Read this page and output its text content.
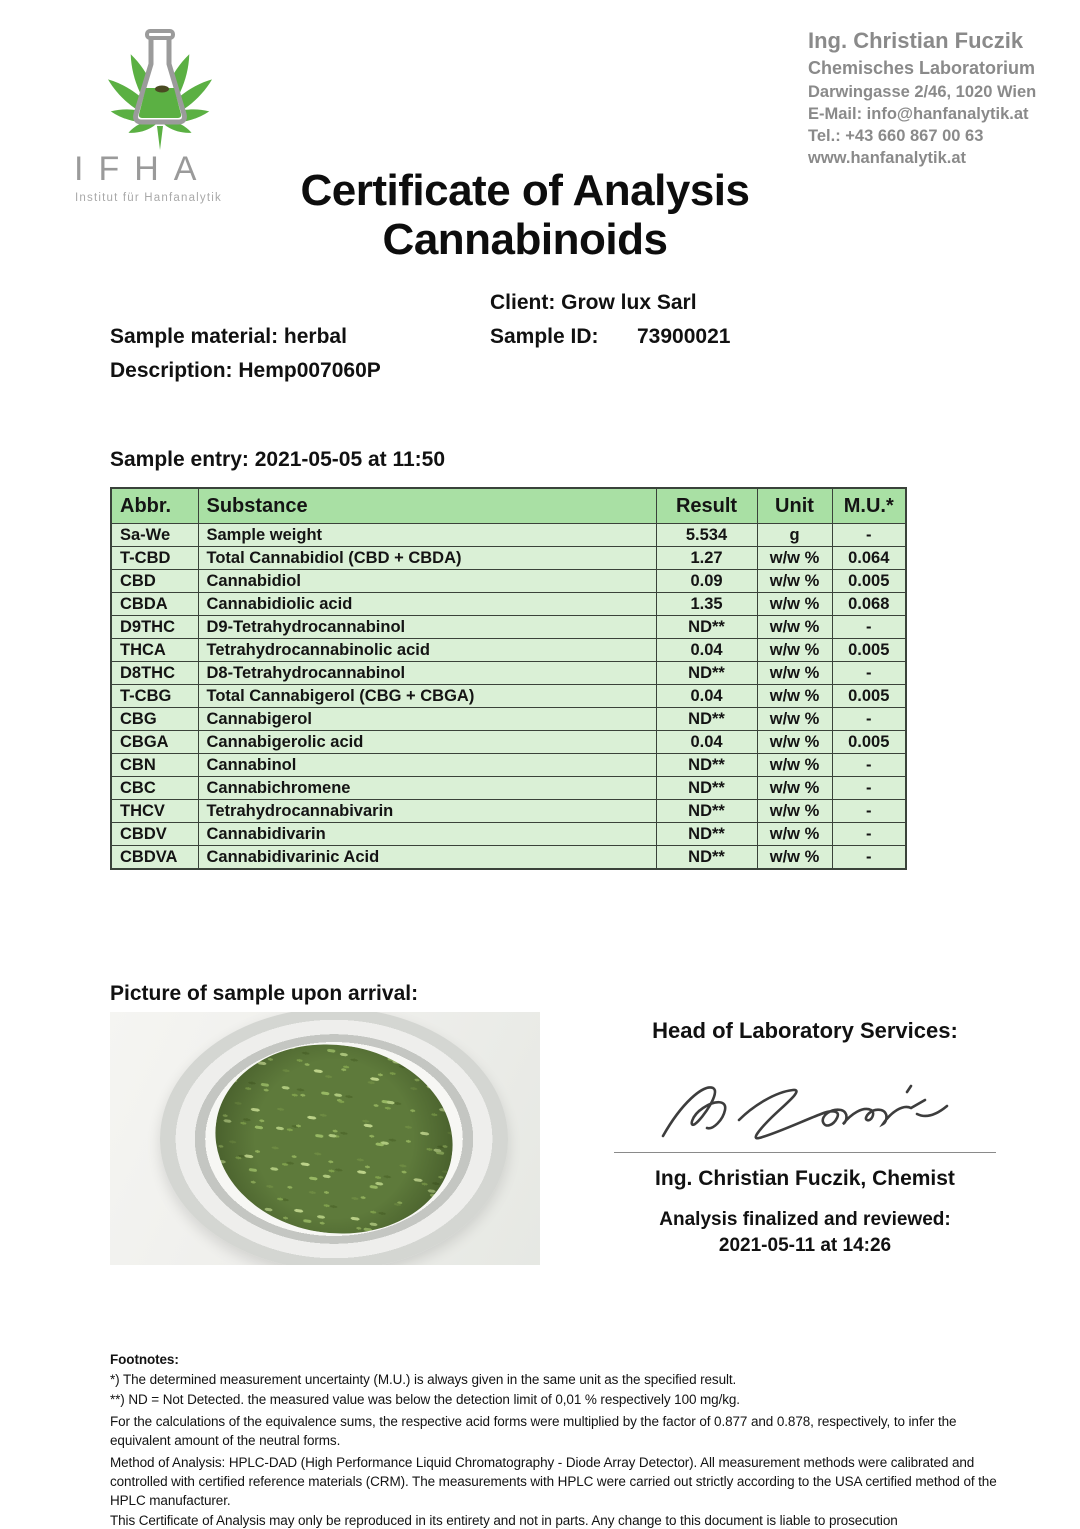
IFHA
Institut für Hanfanalytik
Ing. Christian Fuczik
Chemisches Laboratorium
Darwingasse 2/46, 1020 Wien
E-Mail: info@hanfanalytik.at
Tel.: +43 660 867 00 63
www.hanfanalytik.at
Certificate of Analysis
Cannabinoids
Client: Grow lux Sarl
Sample material: herbal	Sample ID: 73900021
Description: Hemp007060P
Sample entry: 2021-05-05 at 11:50
Abbr.	Substance	Result	Unit	M.U.*
Sa-We	Sample weight	5.534	g	-
T-CBD	Total Cannabidiol (CBD + CBDA)	1.27	w/w %	0.064
CBD	Cannabidiol	0.09	w/w %	0.005
CBDA	Cannabidiolic acid	1.35	w/w %	0.068
D9THC	D9-Tetrahydrocannabinol	ND**	w/w %	-
THCA	Tetrahydrocannabinolic acid	0.04	w/w %	0.005
D8THC	D8-Tetrahydrocannabinol	ND**	w/w %	-
T-CBG	Total Cannabigerol (CBG + CBGA)	0.04	w/w %	0.005
CBG	Cannabigerol	ND**	w/w %	-
CBGA	Cannabigerolic acid	0.04	w/w %	0.005
CBN	Cannabinol	ND**	w/w %	-
CBC	Cannabichromene	ND**	w/w %	-
THCV	Tetrahydrocannabivarin	ND**	w/w %	-
CBDV	Cannabidivarin	ND**	w/w %	-
CBDVA	Cannabidivarinic Acid	ND**	w/w %	-
Picture of sample upon arrival:
Head of Laboratory Services:
Ing. Christian Fuczik, Chemist
Analysis finalized and reviewed:
2021-05-11 at 14:26
Footnotes:
*) The determined measurement uncertainty (M.U.) is always given in the same unit as the specified result.
**) ND = Not Detected. the measured value was below the detection limit of 0,01 % respectively 100 mg/kg.
For the calculations of the equivalence sums, the respective acid forms were multiplied by the factor of 0.877 and 0.878, respectively, to infer the equivalent amount of the neutral forms.
Method of Analysis: HPLC-DAD (High Performance Liquid Chromatography - Diode Array Detector). All measurement methods were calibrated and controlled with certified reference materials (CRM). The measurements with HPLC were carried out strictly according to the USA certified method of the HPLC manufacturer.
This Certificate of Analysis may only be reproduced in its entirety and not in parts. Any change to this document is liable to prosecution
